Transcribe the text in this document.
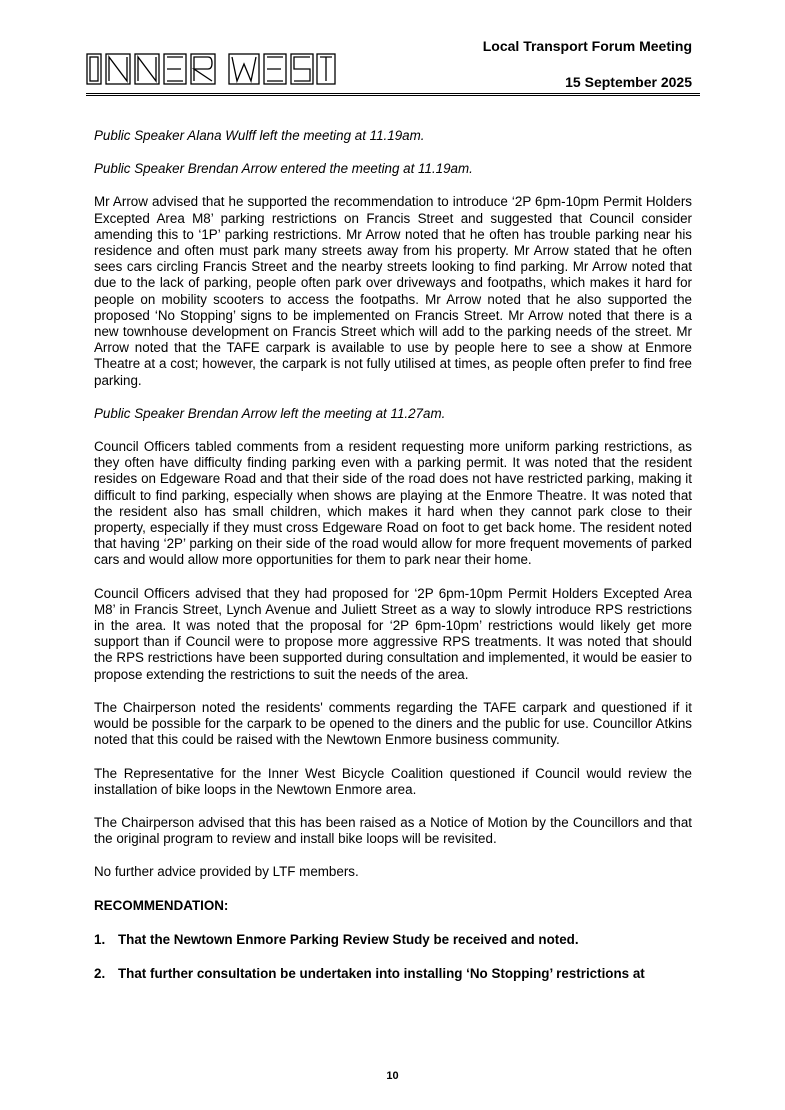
Local Transport Forum Meeting
15 September 2025

Public Speaker Alana Wulff left the meeting at 11.19am.

Public Speaker Brendan Arrow entered the meeting at 11.19am.

Mr Arrow advised that he supported the recommendation to introduce ‘2P 6pm-10pm Permit Holders Excepted Area M8’ parking restrictions on Francis Street and suggested that Council consider amending this to ‘1P’ parking restrictions. Mr Arrow noted that he often has trouble parking near his residence and often must park many streets away from his property. Mr Arrow stated that he often sees cars circling Francis Street and the nearby streets looking to find parking. Mr Arrow noted that due to the lack of parking, people often park over driveways and footpaths, which makes it hard for people on mobility scooters to access the footpaths. Mr Arrow noted that he also supported the proposed ‘No Stopping’ signs to be implemented on Francis Street. Mr Arrow noted that there is a new townhouse development on Francis Street which will add to the parking needs of the street. Mr Arrow noted that the TAFE carpark is available to use by people here to see a show at Enmore Theatre at a cost; however, the carpark is not fully utilised at times, as people often prefer to find free parking.

Public Speaker Brendan Arrow left the meeting at 11.27am.

Council Officers tabled comments from a resident requesting more uniform parking restrictions, as they often have difficulty finding parking even with a parking permit. It was noted that the resident resides on Edgeware Road and that their side of the road does not have restricted parking, making it difficult to find parking, especially when shows are playing at the Enmore Theatre. It was noted that the resident also has small children, which makes it hard when they cannot park close to their property, especially if they must cross Edgeware Road on foot to get back home. The resident noted that having ‘2P’ parking on their side of the road would allow for more frequent movements of parked cars and would allow more opportunities for them to park near their home.

Council Officers advised that they had proposed for ‘2P 6pm-10pm Permit Holders Excepted Area M8’ in Francis Street, Lynch Avenue and Juliett Street as a way to slowly introduce RPS restrictions in the area. It was noted that the proposal for ‘2P 6pm-10pm’ restrictions would likely get more support than if Council were to propose more aggressive RPS treatments. It was noted that should the RPS restrictions have been supported during consultation and implemented, it would be easier to propose extending the restrictions to suit the needs of the area.

The Chairperson noted the residents' comments regarding the TAFE carpark and questioned if it would be possible for the carpark to be opened to the diners and the public for use. Councillor Atkins noted that this could be raised with the Newtown Enmore business community.

The Representative for the Inner West Bicycle Coalition questioned if Council would review the installation of bike loops in the Newtown Enmore area.

The Chairperson advised that this has been raised as a Notice of Motion by the Councillors and that the original program to review and install bike loops will be revisited.

No further advice provided by LTF members.

RECOMMENDATION:

1. That the Newtown Enmore Parking Review Study be received and noted.
2. That further consultation be undertaken into installing ‘No Stopping’ restrictions at
10
